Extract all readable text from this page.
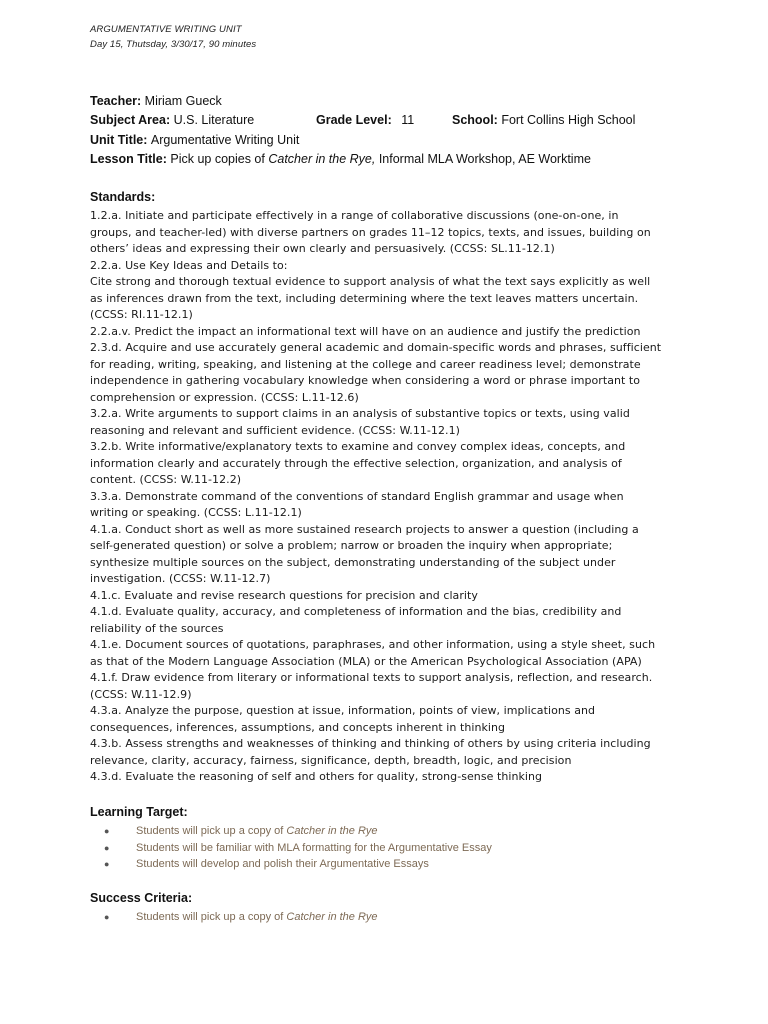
ARGUMENTATIVE WRITING UNIT
Day 15, Thutsday, 3/30/17, 90 minutes
Teacher: Miriam Gueck
Subject Area: U.S. Literature	Grade Level: 11	School: Fort Collins High School
Unit Title: Argumentative Writing Unit
Lesson Title: Pick up copies of Catcher in the Rye, Informal MLA Workshop, AE Worktime
Standards:

1.2.a. Initiate and participate effectively in a range of collaborative discussions (one-on-one, in

groups, and teacher-led) with diverse partners on grades 11–12 topics, texts, and issues, building on

others’ ideas and expressing their own clearly and persuasively. (CCSS: SL.11-12.1)

2.2.a. Use Key Ideas and Details to:

Cite strong and thorough textual evidence to support analysis of what the text says explicitly as well

as inferences drawn from the text, including determining where the text leaves matters uncertain.

(CCSS: RI.11-12.1)

2.2.a.v. Predict the impact an informational text will have on an audience and justify the prediction

2.3.d. Acquire and use accurately general academic and domain-specific words and phrases, sufficient

for reading, writing, speaking, and listening at the college and career readiness level; demonstrate

independence in gathering vocabulary knowledge when considering a word or phrase important to

comprehension or expression. (CCSS: L.11-12.6)

3.2.a. Write arguments to support claims in an analysis of substantive topics or texts, using valid

reasoning and relevant and sufficient evidence. (CCSS: W.11-12.1)

3.2.b. Write informative/explanatory texts to examine and convey complex ideas, concepts, and

information clearly and accurately through the effective selection, organization, and analysis of

content. (CCSS: W.11-12.2)

3.3.a. Demonstrate command of the conventions of standard English grammar and usage when

writing or speaking. (CCSS: L.11-12.1)

4.1.a. Conduct short as well as more sustained research projects to answer a question (including a

self-generated question) or solve a problem; narrow or broaden the inquiry when appropriate;

synthesize multiple sources on the subject, demonstrating understanding of the subject under

investigation. (CCSS: W.11-12.7)

4.1.c. Evaluate and revise research questions for precision and clarity

4.1.d. Evaluate quality, accuracy, and completeness of information and the bias, credibility and

reliability of the sources

4.1.e. Document sources of quotations, paraphrases, and other information, using a style sheet, such

as that of the Modern Language Association (MLA) or the American Psychological Association (APA)

4.1.f. Draw evidence from literary or informational texts to support analysis, reflection, and research.

(CCSS: W.11-12.9)

4.3.a. Analyze the purpose, question at issue, information, points of view, implications and

consequences, inferences, assumptions, and concepts inherent in thinking

4.3.b. Assess strengths and weaknesses of thinking and thinking of others by using criteria including

relevance, clarity, accuracy, fairness, significance, depth, breadth, logic, and precision

4.3.d. Evaluate the reasoning of self and others for quality, strong-sense thinking

Learning Target:
● Students will pick up a copy of Catcher in the Rye
● Students will be familiar with MLA formatting for the Argumentative Essay
● Students will develop and polish their Argumentative Essays
Success Criteria:
● Students will pick up a copy of Catcher in the Rye
